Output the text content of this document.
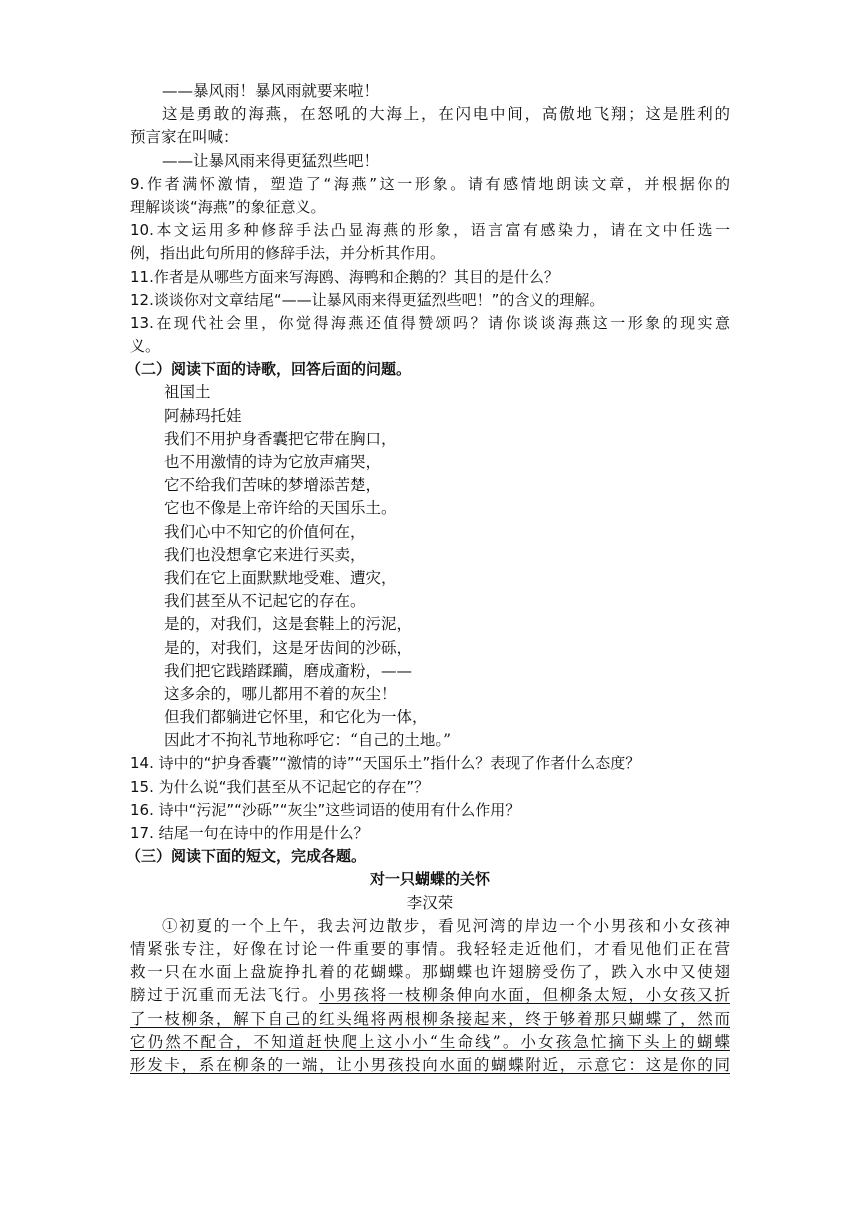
——暴风雨！暴风雨就要来啦！
这是勇敢的海燕，在怒吼的大海上，在闪电中间，高傲地飞翔；这是胜利的
预言家在叫喊：
——让暴风雨来得更猛烈些吧！
9.作者满怀激情，塑造了“海燕”这一形象。请有感情地朗读文章，并根据你的
理解谈谈“海燕”的象征意义。
10.本文运用多种修辞手法凸显海燕的形象，语言富有感染力，请在文中任选一
例，指出此句所用的修辞手法，并分析其作用。
11.作者是从哪些方面来写海鸥、海鸭和企鹅的？其目的是什么？
12.谈谈你对文章结尾“——让暴风雨来得更猛烈些吧！”的含义的理解。
13.在现代社会里，你觉得海燕还值得赞颂吗？请你谈谈海燕这一形象的现实意
义。
（二）阅读下面的诗歌，回答后面的问题。
祖国土
阿赫玛托娃
我们不用护身香囊把它带在胸口，
也不用激情的诗为它放声痛哭，
它不给我们苦味的梦增添苦楚，
它也不像是上帝许给的天国乐土。
我们心中不知它的价值何在，
我们也没想拿它来进行买卖，
我们在它上面默默地受难、遭灾，
我们甚至从不记起它的存在。
是的，对我们，这是套鞋上的污泥，
是的，对我们，这是牙齿间的沙砾，
我们把它践踏蹂躏，磨成齑粉，——
这多余的，哪儿都用不着的灰尘！
但我们都躺进它怀里，和它化为一体，
因此才不拘礼节地称呼它：“自己的土地。”
14. 诗中的“护身香囊”“激情的诗”“天国乐土”指什么？表现了作者什么态度？
15. 为什么说“我们甚至从不记起它的存在”？
16. 诗中“污泥”“沙砾”“灰尘”这些词语的使用有什么作用？
17. 结尾一句在诗中的作用是什么？
（三）阅读下面的短文，完成各题。
对一只蝴蝶的关怀
李汉荣
①初夏的一个上午，我去河边散步，看见河湾的岸边一个小男孩和小女孩神
情紧张专注，好像在讨论一件重要的事情。我轻轻走近他们，才看见他们正在营
救一只在水面上盘旋挣扎着的花蝴蝶。那蝴蝶也许翅膀受伤了，跌入水中又使翅
膀过于沉重而无法飞行。小男孩将一枝柳条伸向水面，但柳条太短，小女孩又折
了一枝柳条，解下自己的红头绳将两根柳条接起来，终于够着那只蝴蝶了，然而
它仍然不配合，不知道赶快爬上这小小“生命线”。小女孩急忙摘下头上的蝴蝶
形发卡，系在柳条的一端，让小男孩投向水面的蝴蝶附近，示意它：这是你的同
